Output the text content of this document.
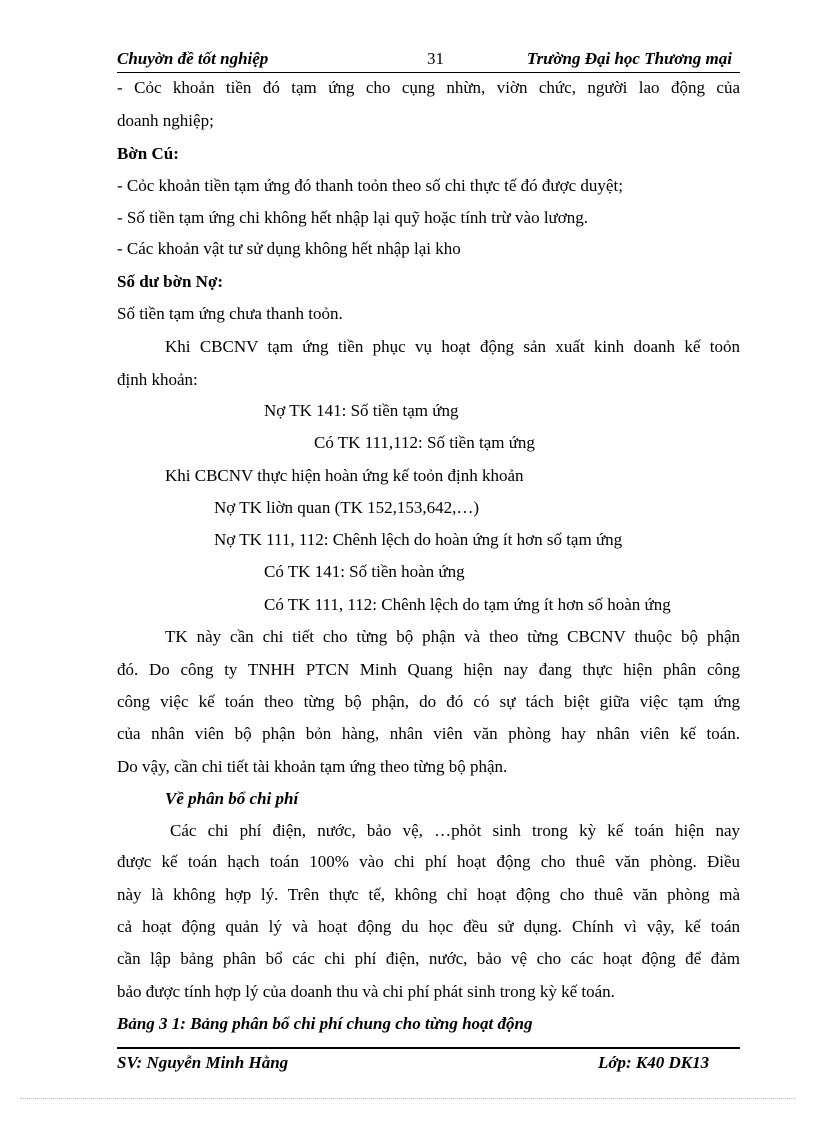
Chuyờn đề tốt nghiệp	31	Trường Đại học Thương mại
- Cỏc khoản tiền đó tạm ứng cho cụng nhừn, viờn chức, người lao động của
doanh nghiệp;
Bờn Cú:
- Cỏc khoản tiền tạm ứng đó thanh toỏn theo số chi thực tế đó được duyệt;
- Số tiền tạm ứng chi không hết nhập lại quỹ hoặc tính trừ vào lương.
- Các khoản vật tư sử dụng không hết nhập lại kho
Số dư bờn Nợ:
Số tiền tạm ứng chưa thanh toỏn.
Khi CBCNV tạm ứng tiền phục vụ hoạt động sản xuất kinh doanh kế toỏn
định khoản:
Nợ TK 141: Số tiền tạm ứng
Có TK 111,112: Số tiền tạm ứng
Khi CBCNV thực hiện hoàn ứng kế toỏn định khoản
Nợ TK liờn quan (TK 152,153,642,…)
Nợ TK 111, 112: Chênh lệch do hoàn ứng ít hơn số tạm ứng
Có TK 141: Số tiền hoàn ứng
Có TK 111, 112: Chênh lệch do tạm ứng ít hơn số hoàn ứng
TK này cần chi tiết cho từng bộ phận và theo từng CBCNV thuộc bộ phận
đó. Do công ty TNHH PTCN Minh Quang hiện nay đang thực hiện phân công
công việc kế toán theo từng bộ phận, do đó có sự tách biệt giữa việc tạm ứng
của nhân viên bộ phận bỏn hàng, nhân viên văn phòng hay nhân viên kế toán.
Do vậy, cần chi tiết tài khoản tạm ứng theo từng bộ phận.
Về phân bổ chi phí
Các chi phí điện, nước, bảo vệ, …phỏt sinh trong kỳ kế toán hiện nay
được kế toán hạch toán 100% vào chi phí hoạt động cho thuê văn phòng. Điều
này là không hợp lý. Trên thực tế, không chỉ hoạt động cho thuê văn phòng mà
cả hoạt động quản lý và hoạt động du học đều sử dụng. Chính vì vậy, kế toán
cần lập bảng phân bổ các chi phí điện, nước, bảo vệ cho các hoạt động để đảm
bảo được tính hợp lý của doanh thu và chi phí phát sinh trong kỳ kế toán.
Bảng 3 1: Bảng phân bổ chi phí chung cho từng hoạt động
SV: Nguyễn Minh Hằng	Lớp: K40 DK13
